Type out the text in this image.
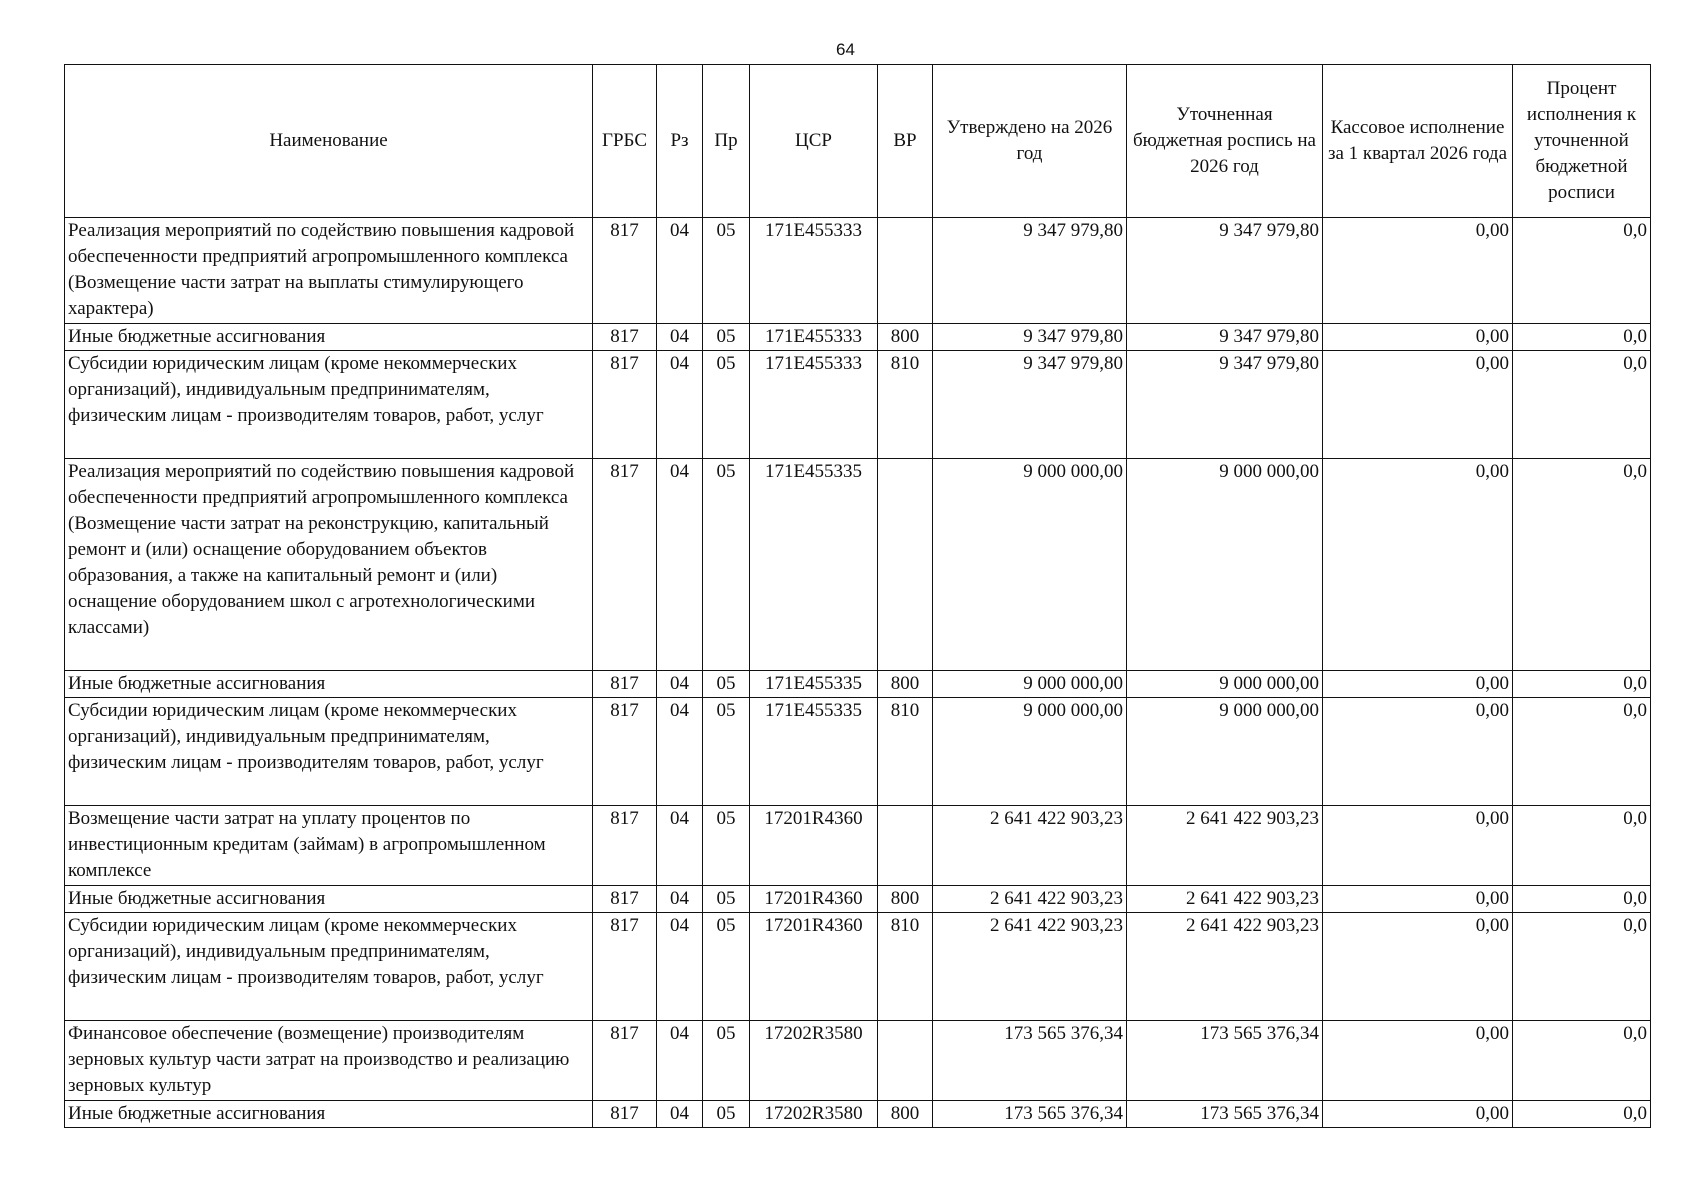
64
Наименование	ГРБС	Рз	Пр	ЦСР	ВР	Утверждено на 2026 год	Уточненная бюджетная роспись на 2026 год	Кассовое исполнение за 1 квартал 2026 года	Процент исполнения к уточненной бюджетной росписи
Реализация мероприятий по содействию повышения кадровой обеспеченности предприятий агропромышленного комплекса (Возмещение части затрат на выплаты стимулирующего характера)	817	04	05	171E455333		9 347 979,80	9 347 979,80	0,00	0,0
Иные бюджетные ассигнования	817	04	05	171E455333	800	9 347 979,80	9 347 979,80	0,00	0,0
Субсидии юридическим лицам (кроме некоммерческих организаций), индивидуальным предпринимателям, физическим лицам - производителям товаров, работ, услуг	817	04	05	171E455333	810	9 347 979,80	9 347 979,80	0,00	0,0
Реализация мероприятий по содействию повышения кадровой обеспеченности предприятий агропромышленного комплекса (Возмещение части затрат на реконструкцию, капитальный ремонт и (или) оснащение оборудованием объектов образования, а также на капитальный ремонт и (или) оснащение оборудованием школ с агротехнологическими классами)	817	04	05	171E455335		9 000 000,00	9 000 000,00	0,00	0,0
Иные бюджетные ассигнования	817	04	05	171E455335	800	9 000 000,00	9 000 000,00	0,00	0,0
Субсидии юридическим лицам (кроме некоммерческих организаций), индивидуальным предпринимателям, физическим лицам - производителям товаров, работ, услуг	817	04	05	171E455335	810	9 000 000,00	9 000 000,00	0,00	0,0
Возмещение части затрат на уплату процентов по инвестиционным кредитам (займам) в агропромышленном комплексе	817	04	05	17201R4360		2 641 422 903,23	2 641 422 903,23	0,00	0,0
Иные бюджетные ассигнования	817	04	05	17201R4360	800	2 641 422 903,23	2 641 422 903,23	0,00	0,0
Субсидии юридическим лицам (кроме некоммерческих организаций), индивидуальным предпринимателям, физическим лицам - производителям товаров, работ, услуг	817	04	05	17201R4360	810	2 641 422 903,23	2 641 422 903,23	0,00	0,0
Финансовое обеспечение (возмещение) производителям зерновых культур части затрат на производство и реализацию зерновых культур	817	04	05	17202R3580		173 565 376,34	173 565 376,34	0,00	0,0
Иные бюджетные ассигнования	817	04	05	17202R3580	800	173 565 376,34	173 565 376,34	0,00	0,0
